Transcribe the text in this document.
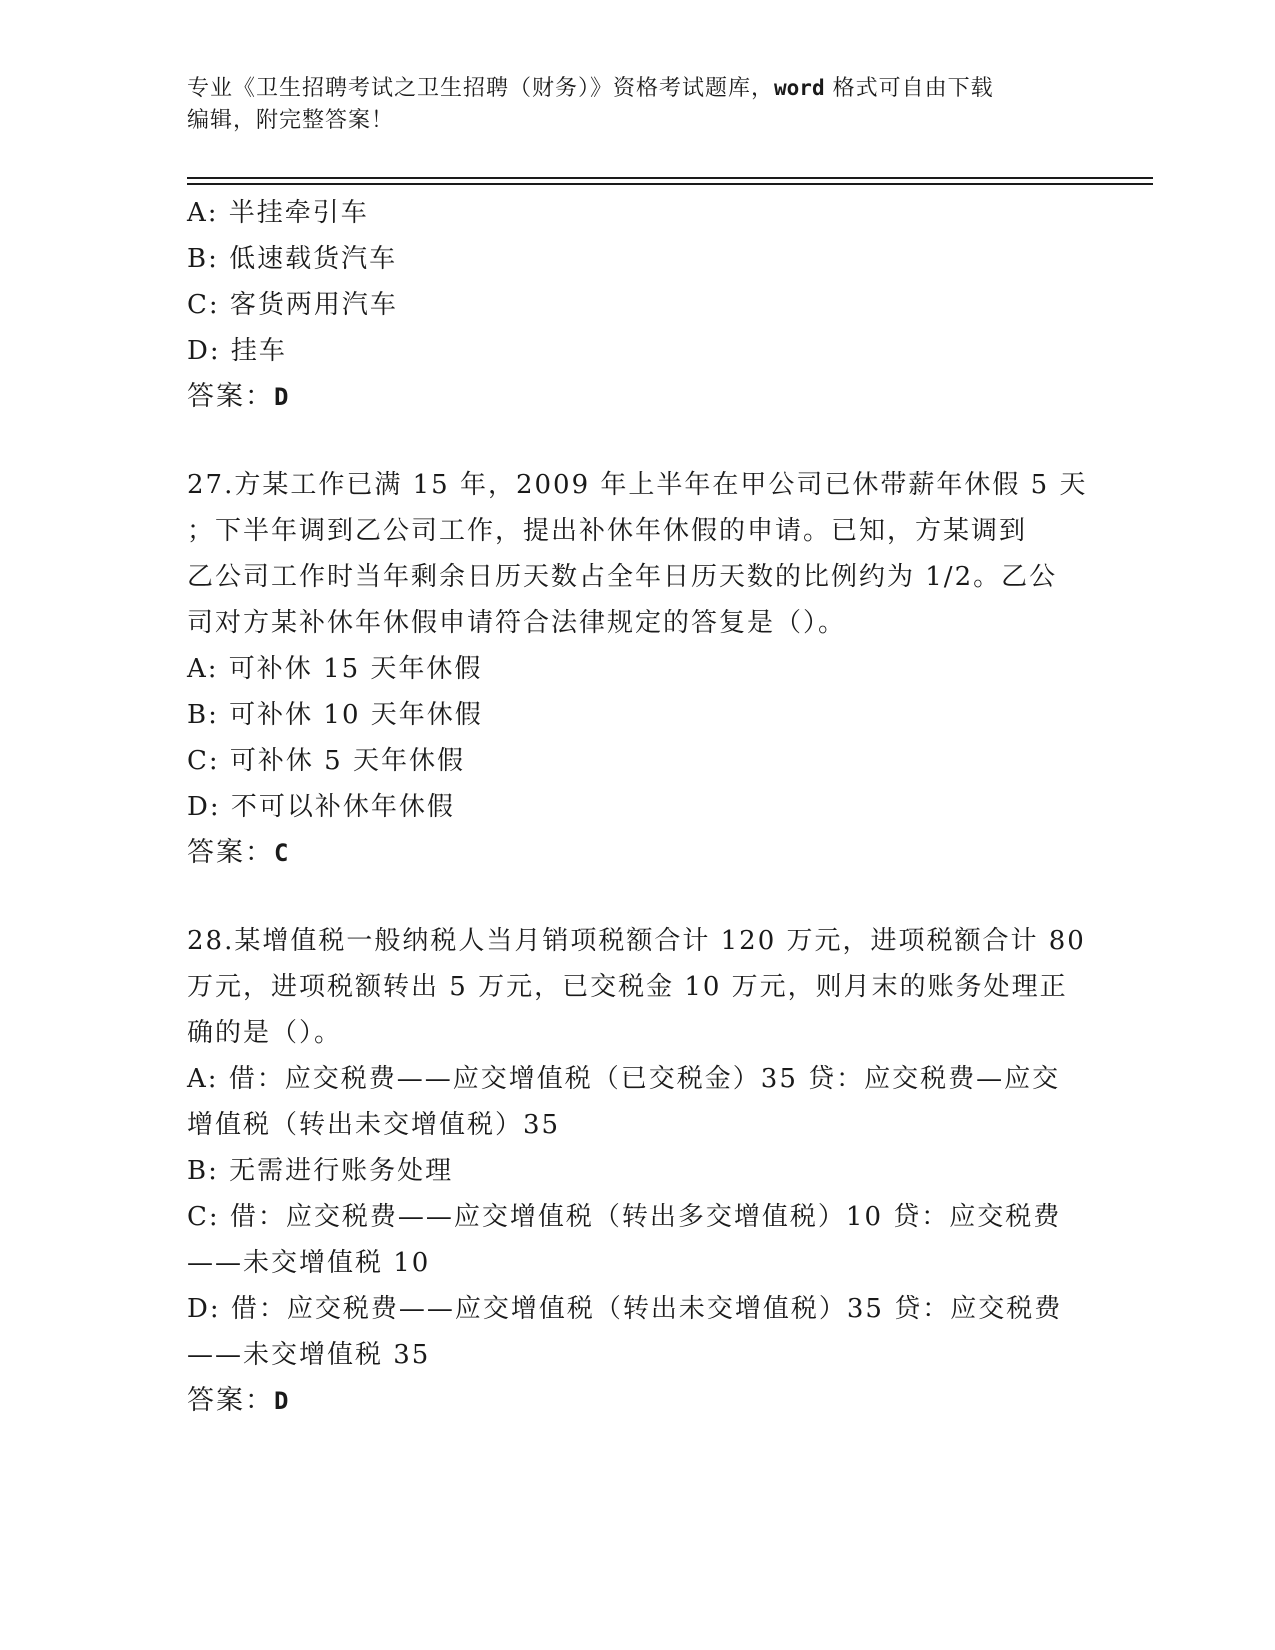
专业《卫生招聘考试之卫生招聘（财务）》资格考试题库，word 格式可自由下载
编辑，附完整答案！
A: 半挂牵引车
B: 低速载货汽车
C: 客货两用汽车
D: 挂车
答案：D
27.方某工作已满 15 年，2009 年上半年在甲公司已休带薪年休假 5 天
；下半年调到乙公司工作，提出补休年休假的申请。已知，方某调到
乙公司工作时当年剩余日历天数占全年日历天数的比例约为 1/2。乙公
司对方某补休年休假申请符合法律规定的答复是（）。
A: 可补休 15 天年休假
B: 可补休 10 天年休假
C: 可补休 5 天年休假
D: 不可以补休年休假
答案：C
28.某增值税一般纳税人当月销项税额合计 120 万元，进项税额合计 80
万元，进项税额转出 5 万元，已交税金 10 万元，则月末的账务处理正
确的是（）。
A: 借：应交税费——应交增值税（已交税金）35 贷：应交税费—应交
增值税（转出未交增值税）35
B: 无需进行账务处理
C: 借：应交税费——应交增值税（转出多交增值税）10 贷：应交税费
——未交增值税 10
D: 借：应交税费——应交增值税（转出未交增值税）35 贷：应交税费
——未交增值税 35
答案：D
